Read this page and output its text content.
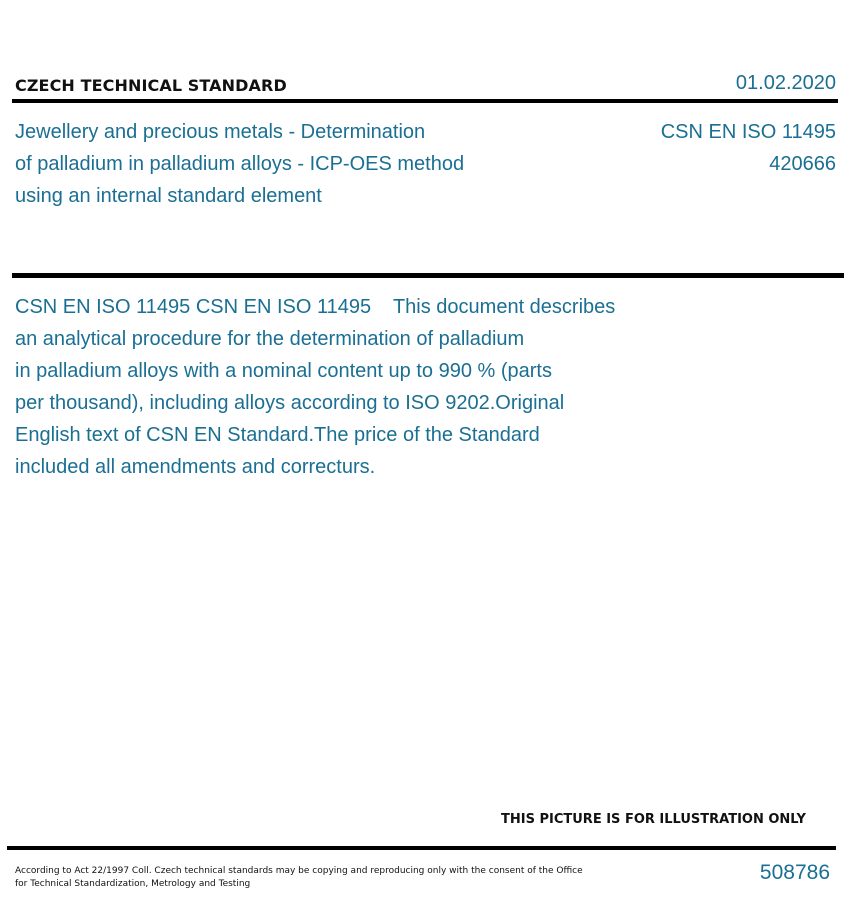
CZECH TECHNICAL STANDARD	01.02.2020
Jewellery and precious metals - Determination
of palladium in palladium alloys - ICP-OES method
using an internal standard element
CSN EN ISO 11495
420666
CSN EN ISO 11495 CSN EN ISO 11495    This document describes
an analytical procedure for the determination of palladium
in palladium alloys with a nominal content up to 990 % (parts
per thousand), including alloys according to ISO 9202.Original
English text of CSN EN Standard.The price of the Standard
included all amendments and correcturs.
THIS PICTURE IS FOR ILLUSTRATION ONLY
According to Act 22/1997 Coll. Czech technical standards may be copying and reproducing only with the consent of the Office
for Technical Standardization, Metrology and Testing	508786
